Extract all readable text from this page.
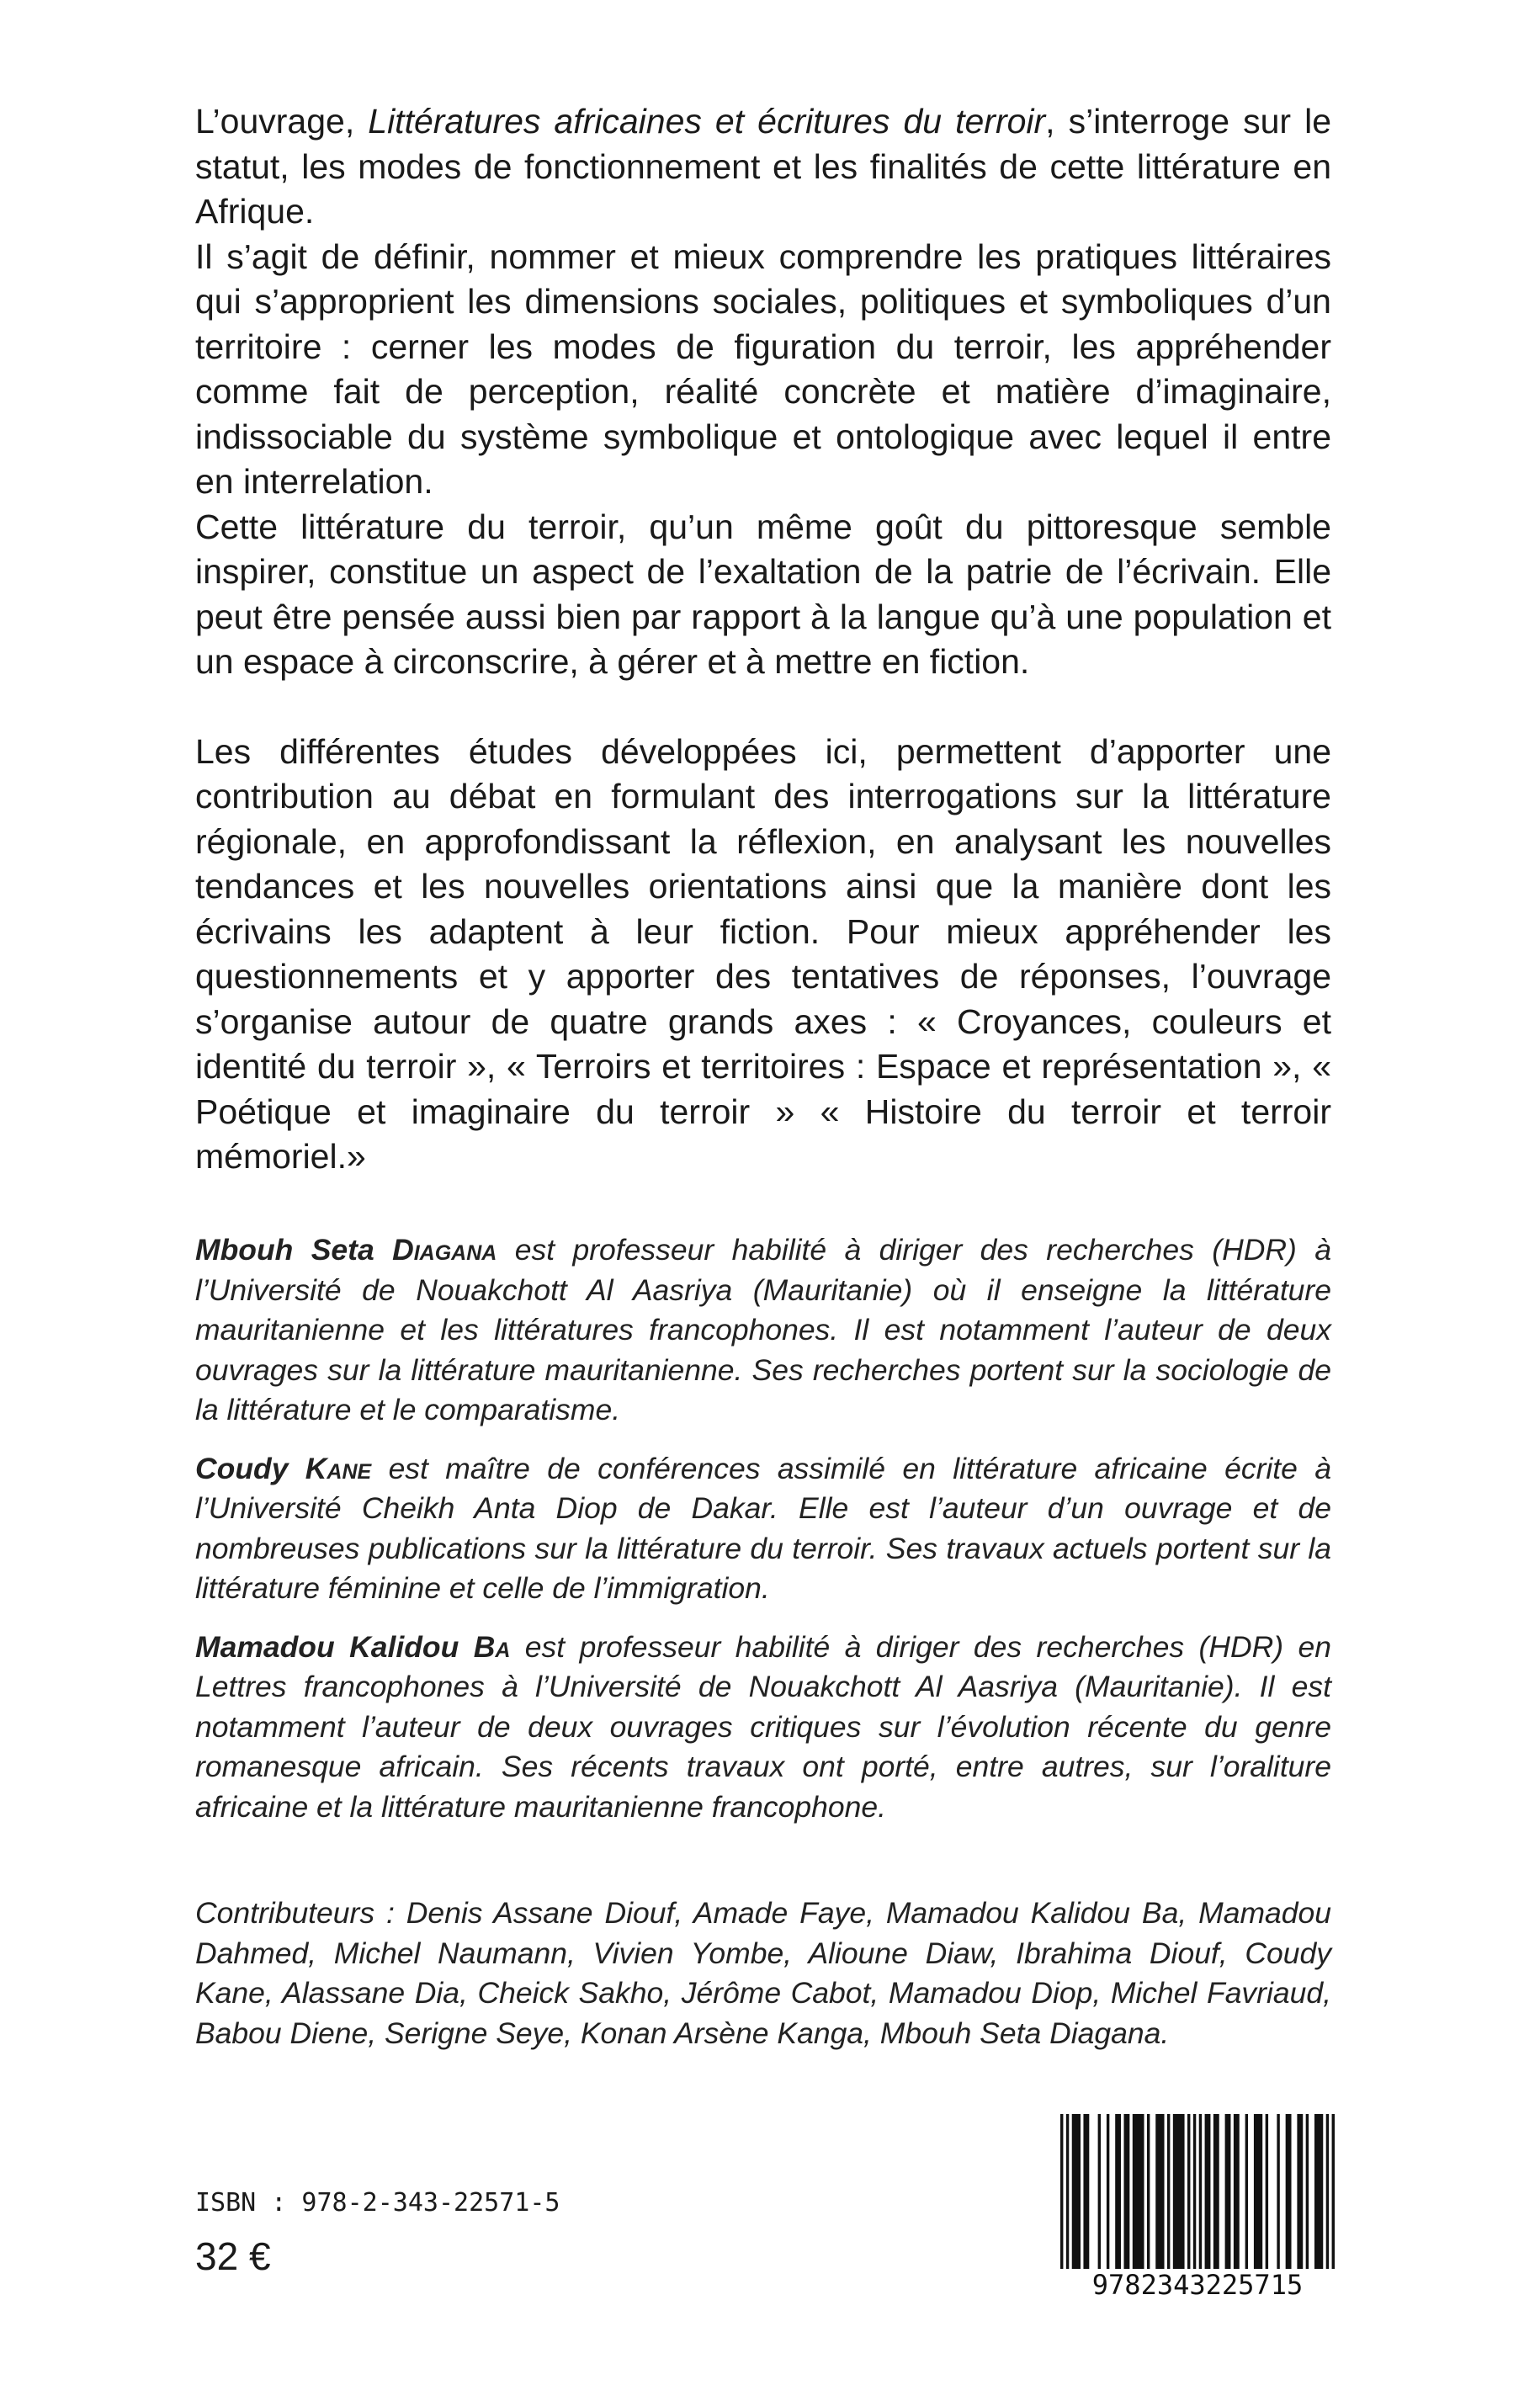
L’ouvrage, Littératures africaines et écritures du terroir, s’interroge sur le statut, les modes de fonctionnement et les finalités de cette littérature en Afrique.

Il s’agit de définir, nommer et mieux comprendre les pratiques littéraires qui s’approprient les dimensions sociales, politiques et symboliques d’un territoire : cerner les modes de figuration du terroir, les appréhender comme fait de perception, réalité concrète et matière d’imaginaire, indissociable du système symbolique et ontologique avec lequel il entre en interrelation.

Cette littérature du terroir, qu’un même goût du pittoresque semble inspirer, constitue un aspect de l’exaltation de la patrie de l’écrivain. Elle peut être pensée aussi bien par rapport à la langue qu’à une population et un espace à circonscrire, à gérer et à mettre en fiction.

Les différentes études développées ici, permettent d’apporter une contribution au débat en formulant des interrogations sur la littérature régionale, en approfondissant la réflexion, en analysant les nouvelles tendances et les nouvelles orientations ainsi que la manière dont les écrivains les adaptent à leur fiction. Pour mieux appréhender les questionnements et y apporter des tentatives de réponses, l’ouvrage s’organise autour de quatre grands axes : « Croyances, couleurs et identité du terroir », « Terroirs et territoires : Espace et représentation », « Poétique et imaginaire du terroir » « Histoire du terroir et terroir mémoriel.»

Mbouh Seta Diagana est professeur habilité à diriger des recherches (HDR) à l’Université de Nouakchott Al Aasriya (Mauritanie) où il enseigne la littérature mauritanienne et les littératures francophones. Il est notamment l’auteur de deux ouvrages sur la littérature mauritanienne. Ses recherches portent sur la sociologie de la littérature et le comparatisme.

Coudy Kane est maître de conférences assimilé en littérature africaine écrite à l’Université Cheikh Anta Diop de Dakar. Elle est l’auteur d’un ouvrage et de nombreuses publications sur la littérature du terroir. Ses travaux actuels portent sur la littérature féminine et celle de l’immigration.

Mamadou Kalidou Ba est professeur habilité à diriger des recherches (HDR) en Lettres francophones à l’Université de Nouakchott Al Aasriya (Mauritanie). Il est notamment l’auteur de deux ouvrages critiques sur l’évolution récente du genre romanesque africain. Ses récents travaux ont porté, entre autres, sur l’oraliture africaine et la littérature mauritanienne francophone.

Contributeurs : Denis Assane Diouf, Amade Faye, Mamadou Kalidou Ba, Mamadou Dahmed, Michel Naumann, Vivien Yombe, Alioune Diaw, Ibrahima Diouf, Coudy Kane, Alassane Dia, Cheick Sakho, Jérôme Cabot, Mamadou Diop, Michel Favriaud, Babou Diene, Serigne Seye, Konan Arsène Kanga, Mbouh Seta Diagana.

ISBN : 978-2-343-22571-5
32 €
9782343225715
